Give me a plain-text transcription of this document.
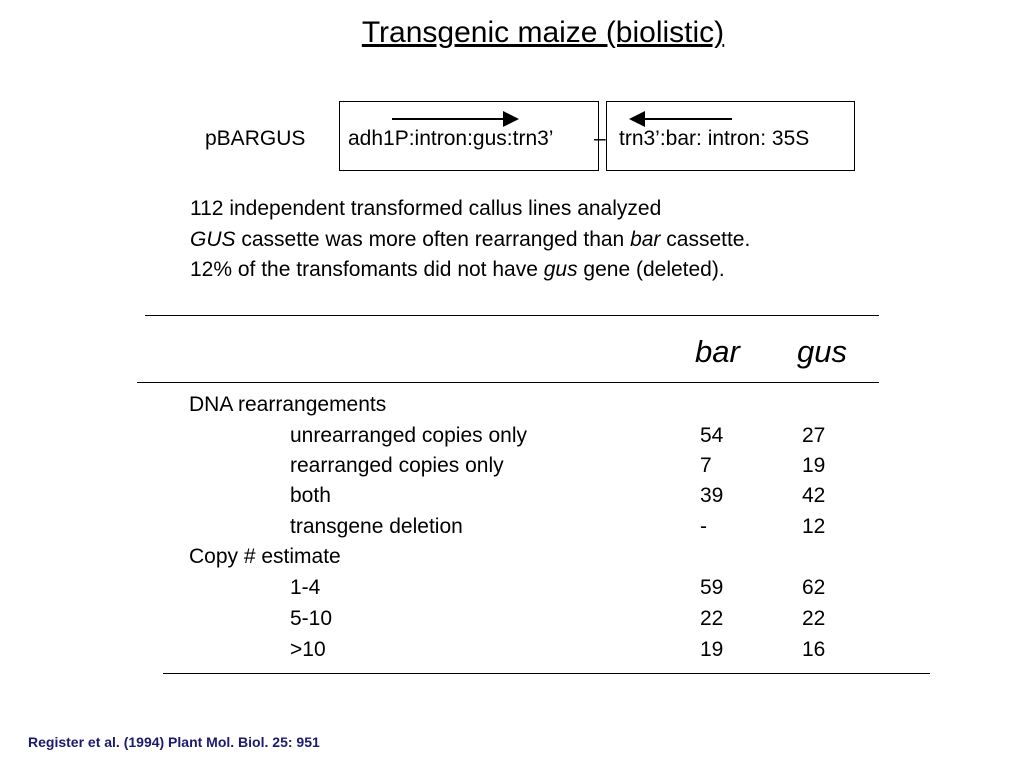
Transgenic maize (biolistic)
pBARGUS adh1P:intron:gus:trn3’ – trn3’:bar: intron: 35S
112 independent transformed callus lines analyzed
GUS cassette was more often rearranged than bar cassette.
12% of the transfomants did not have gus gene (deleted).
bar gus
DNA rearrangements
unrearranged copies only	54	27
rearranged copies only	7	19
both	39	42
transgene deletion	-	12
Copy # estimate
1-4	59	62
5-10	22	22
>10	19	16
Register et al. (1994) Plant Mol. Biol. 25: 951
